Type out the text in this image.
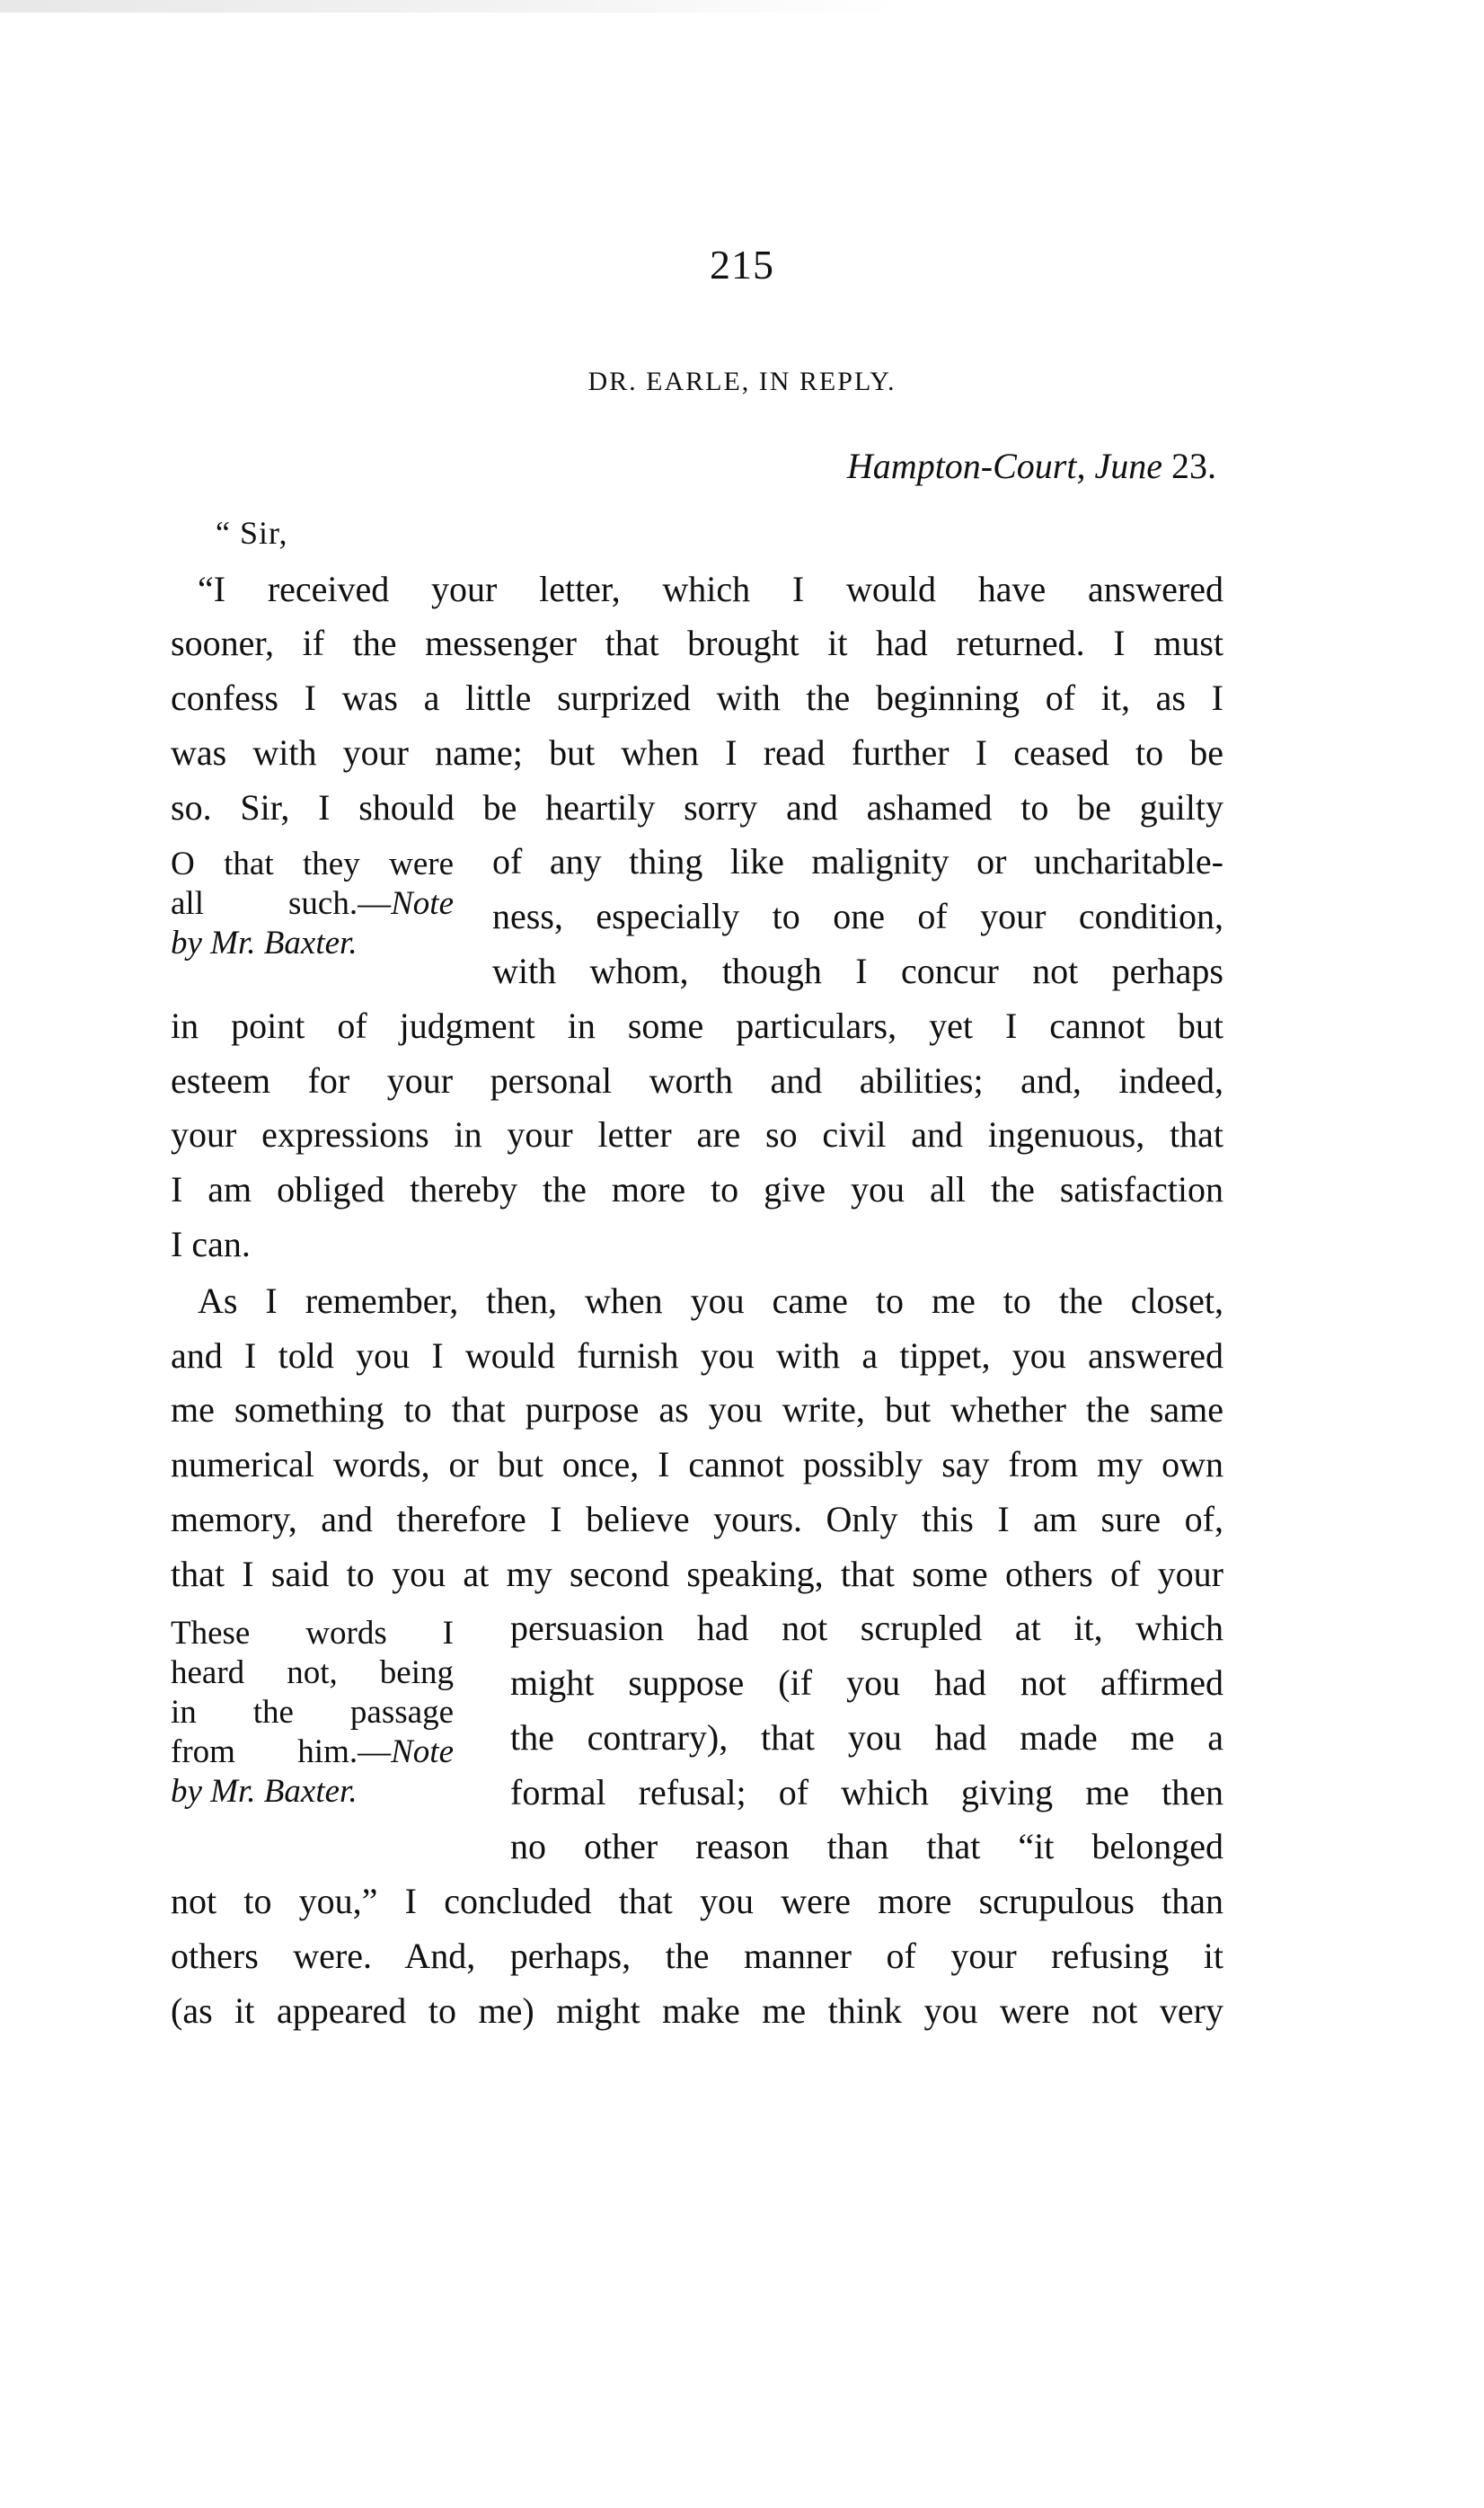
215
DR. EARLE, IN REPLY.
Hampton-Court, June 23.
“ Sir,
“I received your letter, which I would have answered
sooner, if the messenger that brought it had returned. I must
confess I was a little surprized with the beginning of it, as I
was with your name; but when I read further I ceased to be
so. Sir, I should be heartily sorry and ashamed to be guilty
of any thing like malignity or uncharitable-
ness, especially to one of your condition,
with whom, though I concur not perhaps
in point of judgment in some particulars, yet I cannot but
esteem for your personal worth and abilities; and, indeed,
your expressions in your letter are so civil and ingenuous, that
I am obliged thereby the more to give you all the satisfaction
I can.
As I remember, then, when you came to me to the closet,
and I told you I would furnish you with a tippet, you answered
me something to that purpose as you write, but whether the same
numerical words, or but once, I cannot possibly say from my own
memory, and therefore I believe yours. Only this I am sure of,
that I said to you at my second speaking, that some others of your
persuasion had not scrupled at it, which
might suppose (if you had not affirmed
the contrary), that you had made me a
formal refusal; of which giving me then
no other reason than that “it belonged
not to you,” I concluded that you were more scrupulous than
others were. And, perhaps, the manner of your refusing it
(as it appeared to me) might make me think you were not very
O that they were
all such.—Note
by Mr. Baxter.
These words I
heard not, being
in the passage
from him.—Note
by Mr. Baxter.
